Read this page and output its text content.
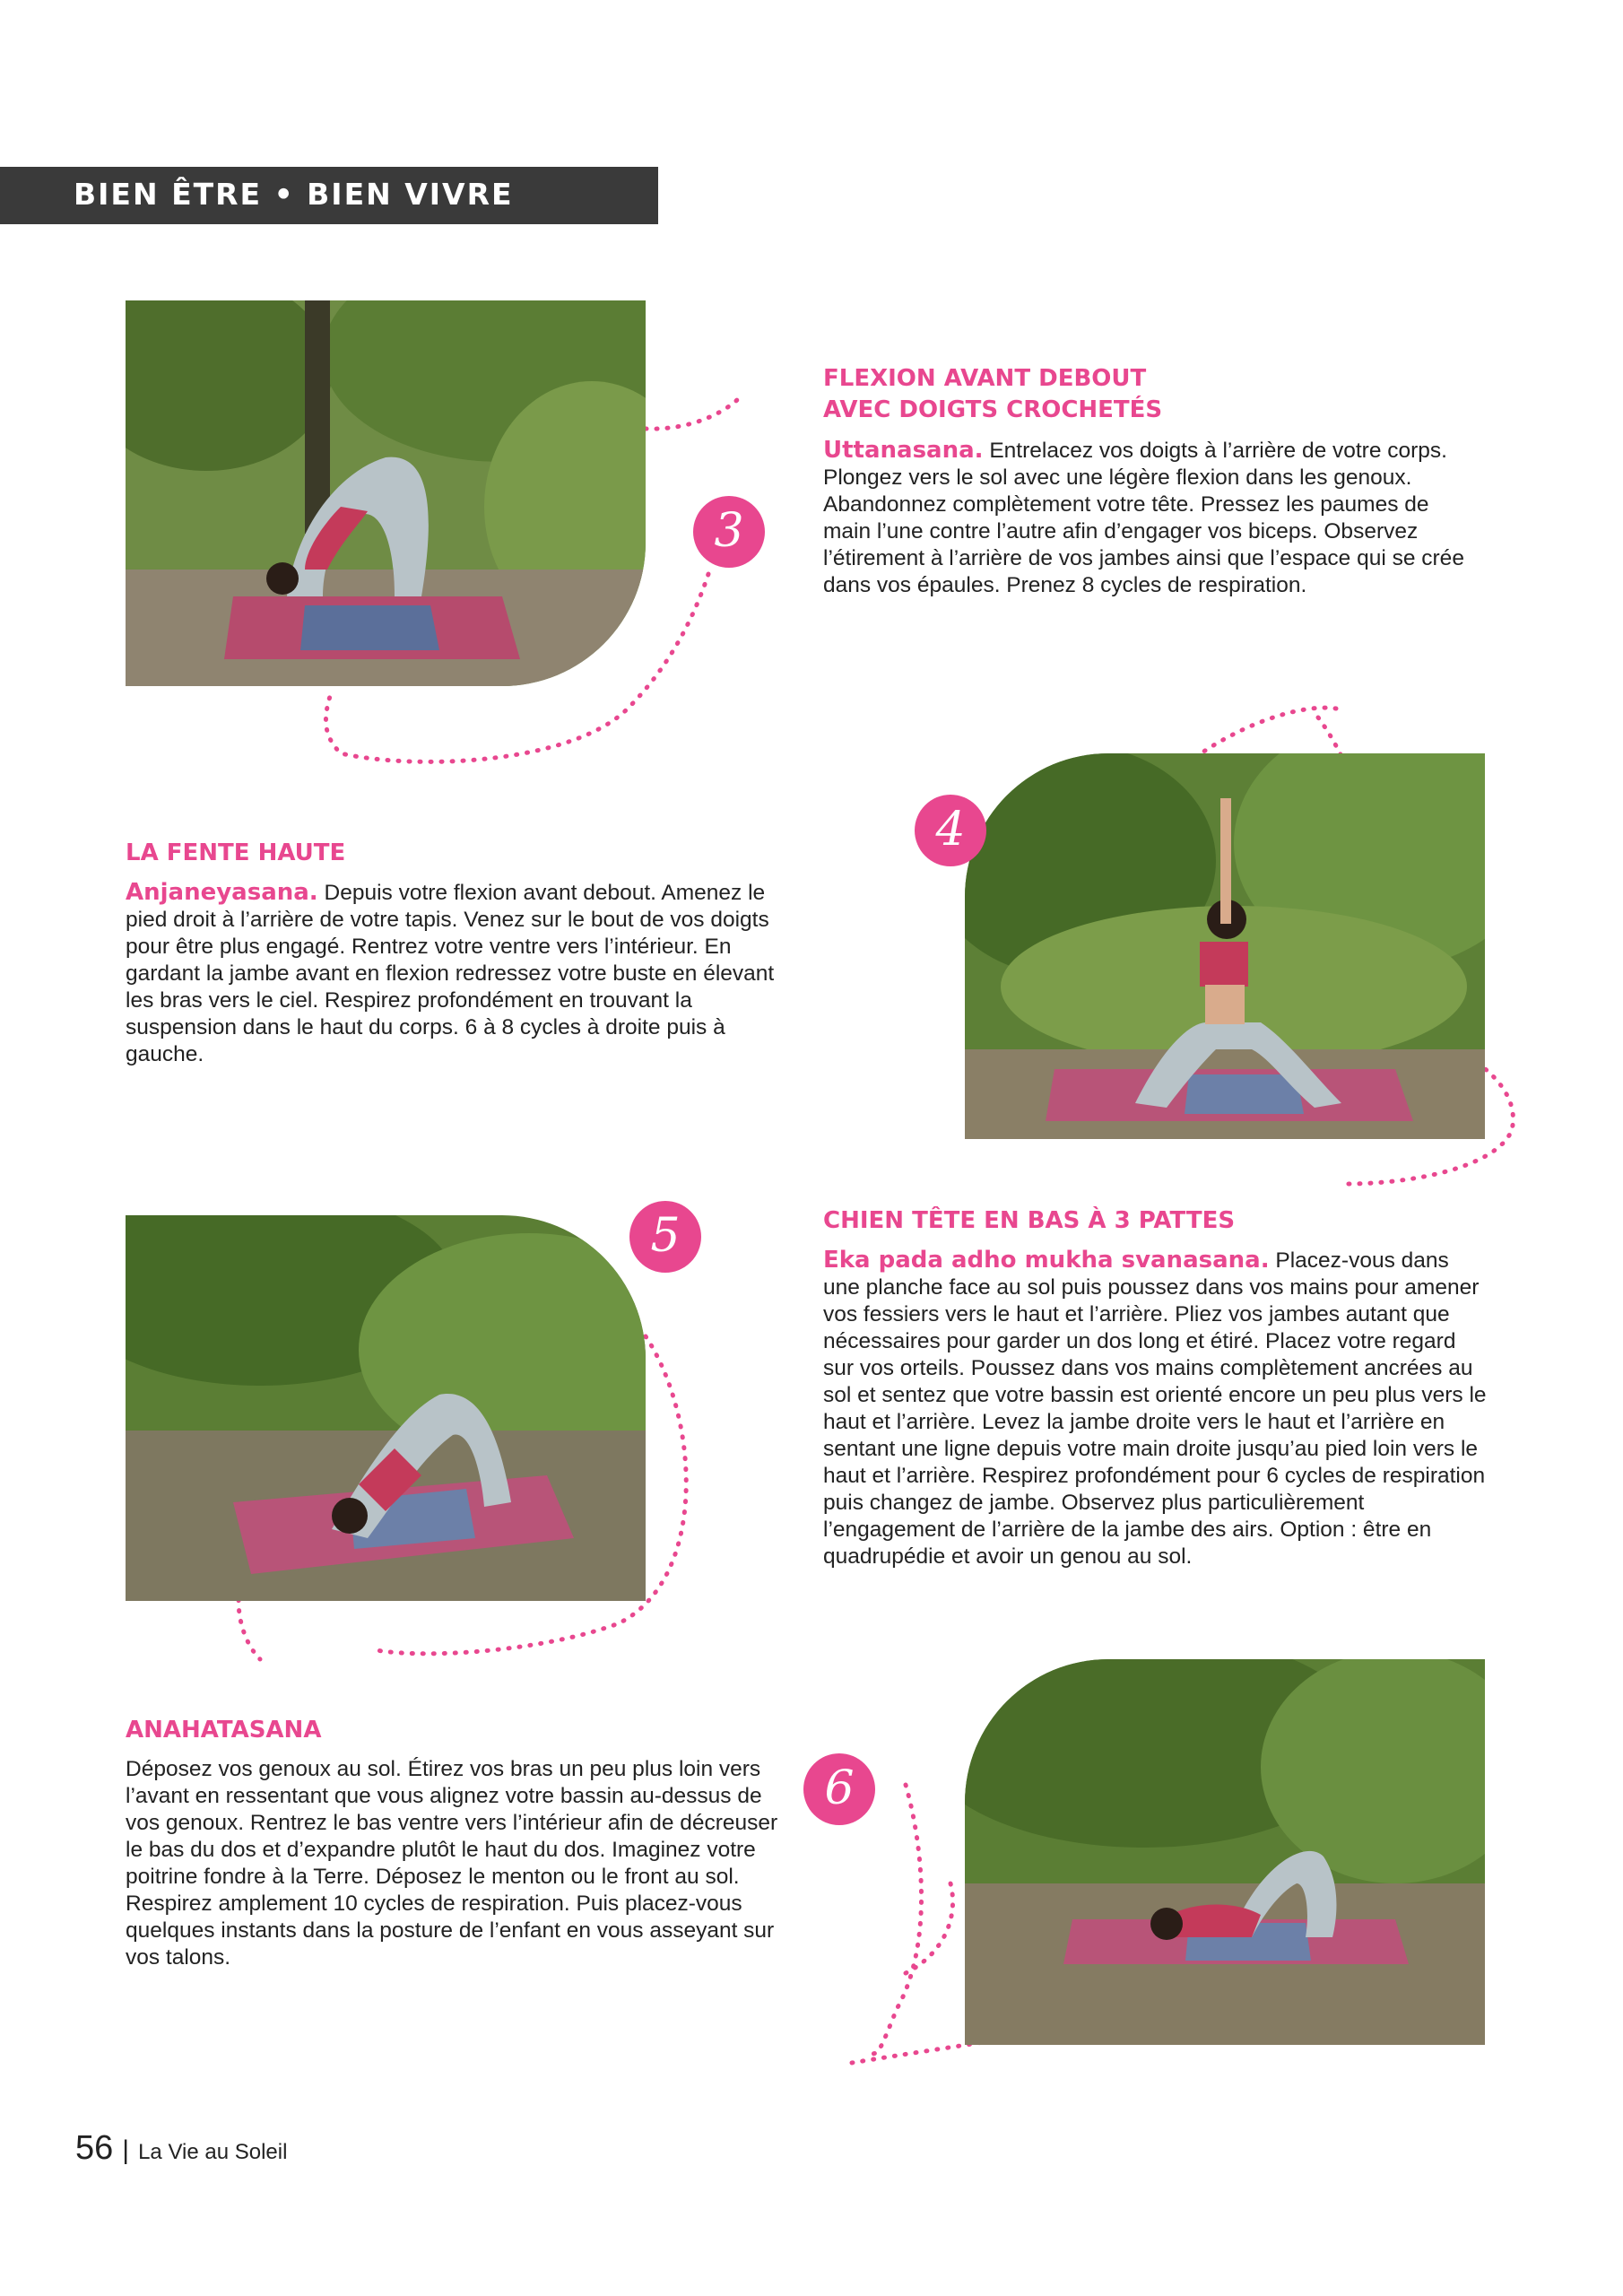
BIEN ÊTRE • BIEN VIVRE
3

FLEXION AVANT DEBOUT
AVEC DOIGTS CROCHETÉS

Uttanasana. Entrelacez vos doigts à l’arrière de votre corps. Plongez vers le sol avec une légère flexion dans les genoux. Abandonnez complètement votre tête. Pressez les paumes de main l’une contre l’autre afin d’engager vos biceps. Observez l’étirement à l’arrière de vos jambes ainsi que l’espace qui se crée dans vos épaules. Prenez 8 cycles de respiration.

4

LA FENTE HAUTE

Anjaneyasana. Depuis votre flexion avant debout. Amenez le pied droit à l’arrière de votre tapis. Venez sur le bout de vos doigts pour être plus engagé. Rentrez votre ventre vers l’intérieur. En gardant la jambe avant en flexion redressez votre buste en élevant les bras vers le ciel. Respirez profondément en trouvant la suspension dans le haut du corps. 6 à 8 cycles à droite puis à gauche.

5	CHIEN TÊTE EN BAS À 3 PATTES

Eka pada adho mukha svanasana. Placez-vous dans une planche face au sol puis poussez dans vos mains pour amener vos fessiers vers le haut et l’arrière. Pliez vos jambes autant que nécessaires pour garder un dos long et étiré. Placez votre regard sur vos orteils. Poussez dans vos mains complètement ancrées au sol et sentez que votre bassin est orienté encore un peu plus vers le haut et l’arrière. Levez la jambe droite vers le haut et l’arrière en sentant une ligne depuis votre main droite jusqu’au pied loin vers le haut et l’arrière. Respirez profondément pour 6 cycles de respiration puis changez de jambe. Observez plus particulièrement l’engagement de l’arrière de la jambe des airs. Option : être en quadrupédie et avoir un genou au sol.

6

ANAHATASANA

Déposez vos genoux au sol. Étirez vos bras un peu plus loin vers l’avant en ressentant que vous alignez votre bassin au-dessus de vos genoux. Rentrez le bas ventre vers l’intérieur afin de décreuser le bas du dos et d’expandre plutôt le haut du dos. Imaginez votre poitrine fondre à la Terre. Déposez le menton ou le front au sol. Respirez amplement 10 cycles de respiration. Puis placez-vous quelques instants dans la posture de l’enfant en vous asseyant sur vos talons.

56 | La Vie au Soleil
